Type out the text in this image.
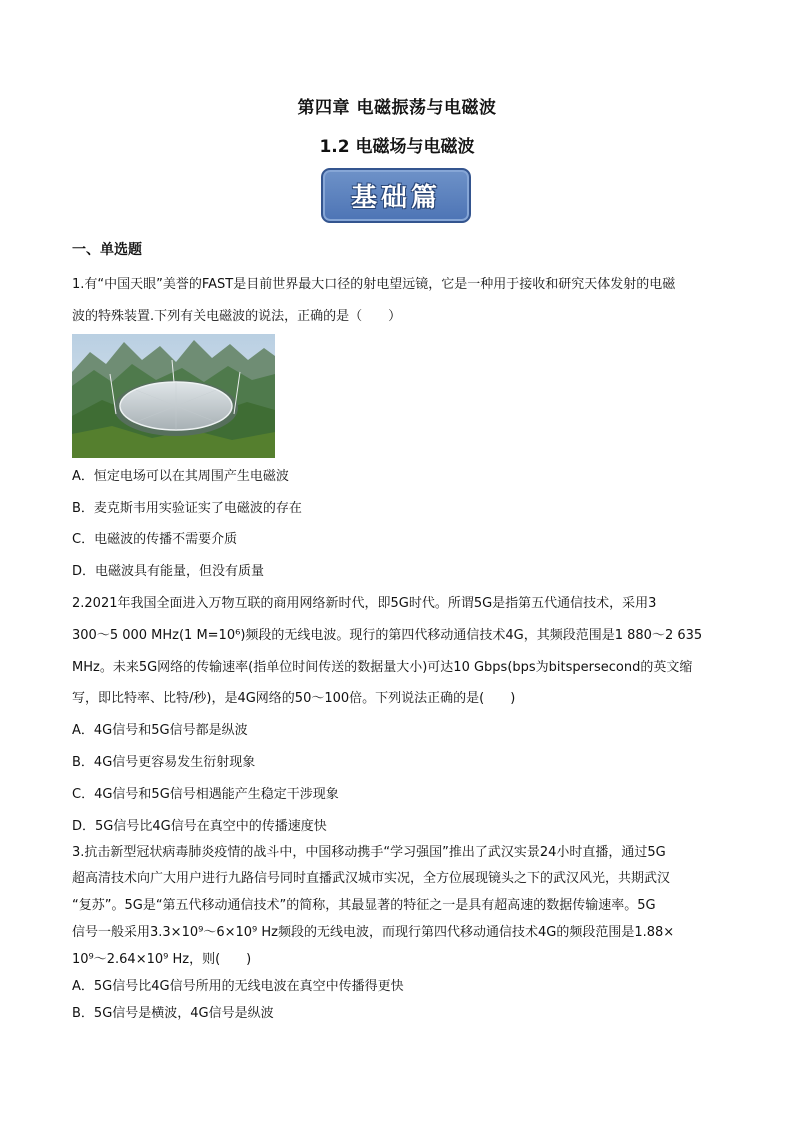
第四章 电磁振荡与电磁波
1.2 电磁场与电磁波
基础篇
一、单选题
1.有“中国天眼”美誉的FAST是目前世界最大口径的射电望远镜，它是一种用于接收和研究天体发射的电磁
波的特殊装置.下列有关电磁波的说法，正确的是（　　）
A．恒定电场可以在其周围产生电磁波
B．麦克斯韦用实验证实了电磁波的存在
C．电磁波的传播不需要介质
D．电磁波具有能量，但没有质量
2.2021年我国全面进入万物互联的商用网络新时代，即5G时代。所谓5G是指第五代通信技术，采用3
300～5 000 MHz(1 M=10⁶)频段的无线电波。现行的第四代移动通信技术4G，其频段范围是1 880～2 635
MHz。未来5G网络的传输速率(指单位时间传送的数据量大小)可达10 Gbps(bps为bitspersecond的英文缩
写，即比特率、比特/秒)，是4G网络的50～100倍。下列说法正确的是(　　)
A．4G信号和5G信号都是纵波
B．4G信号更容易发生衍射现象
C．4G信号和5G信号相遇能产生稳定干涉现象
D．5G信号比4G信号在真空中的传播速度快
3.抗击新型冠状病毒肺炎疫情的战斗中，中国移动携手“学习强国”推出了武汉实景24小时直播，通过5G
超高清技术向广大用户进行九路信号同时直播武汉城市实况，全方位展现镜头之下的武汉风光，共期武汉
“复苏”。5G是“第五代移动通信技术”的简称，其最显著的特征之一是具有超高速的数据传输速率。5G
信号一般采用3.3×10⁹～6×10⁹ Hz频段的无线电波，而现行第四代移动通信技术4G的频段范围是1.88×
10⁹～2.64×10⁹ Hz，则(　　)
A．5G信号比4G信号所用的无线电波在真空中传播得更快
B．5G信号是横波，4G信号是纵波
